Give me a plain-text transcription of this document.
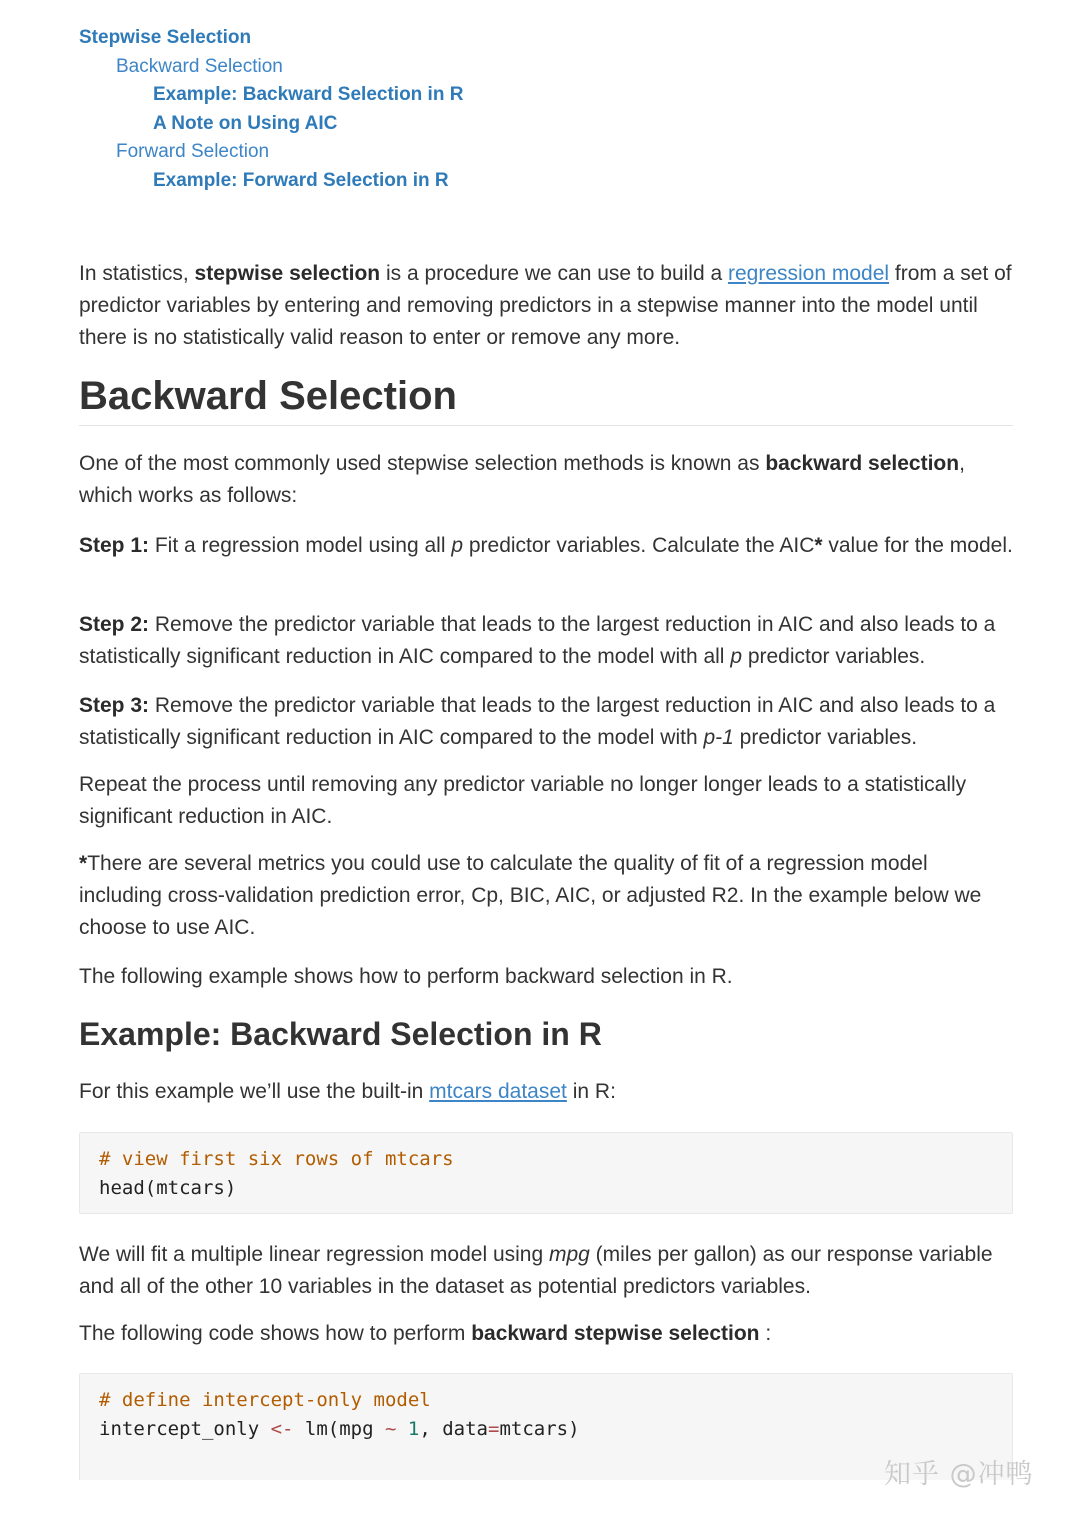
Stepwise Selection
Backward Selection
Example: Backward Selection in R
A Note on Using AIC
Forward Selection
Example: Forward Selection in R

In statistics, stepwise selection is a procedure we can use to build a regression model from a set of predictor variables by entering and removing predictors in a stepwise manner into the model until there is no statistically valid reason to enter or remove any more.

Backward Selection

One of the most commonly used stepwise selection methods is known as backward selection, which works as follows:

Step 1: Fit a regression model using all p predictor variables. Calculate the AIC* value for the model.

Step 2: Remove the predictor variable that leads to the largest reduction in AIC and also leads to a statistically significant reduction in AIC compared to the model with all p predictor variables.

Step 3: Remove the predictor variable that leads to the largest reduction in AIC and also leads to a statistically significant reduction in AIC compared to the model with p-1 predictor variables.

Repeat the process until removing any predictor variable no longer longer leads to a statistically significant reduction in AIC.

*There are several metrics you could use to calculate the quality of fit of a regression model including cross-validation prediction error, Cp, BIC, AIC, or adjusted R2. In the example below we choose to use AIC.

The following example shows how to perform backward selection in R.

Example: Backward Selection in R

For this example we’ll use the built-in mtcars dataset in R:

# view first six rows of mtcars
head(mtcars)

We will fit a multiple linear regression model using mpg (miles per gallon) as our response variable and all of the other 10 variables in the dataset as potential predictors variables.

The following code shows how to perform backward stepwise selection :

# define intercept-only model
intercept_only <- lm(mpg ~ 1, data=mtcars)
知乎 @冲鸭
